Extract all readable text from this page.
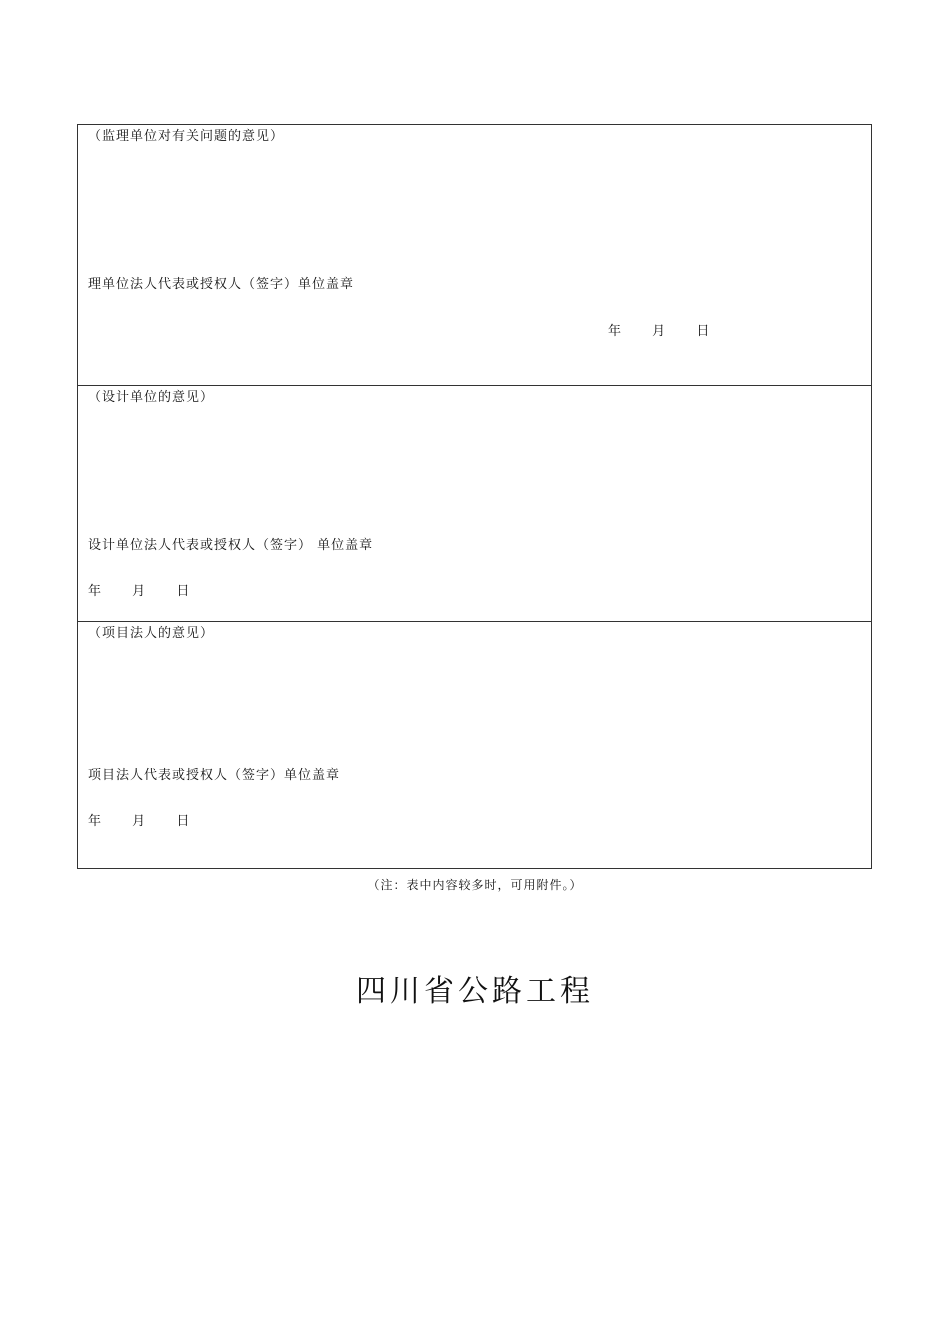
（监理单位对有关问题的意见）
理单位法人代表或授权人（签字）单位盖章
年 月 日
（设计单位的意见）
设计单位法人代表或授权人（签字） 单位盖章
年 月 日
（项目法人的意见）
项目法人代表或授权人（签字）单位盖章
年 月 日
（注：表中内容较多时，可用附件。）
四川省公路工程
